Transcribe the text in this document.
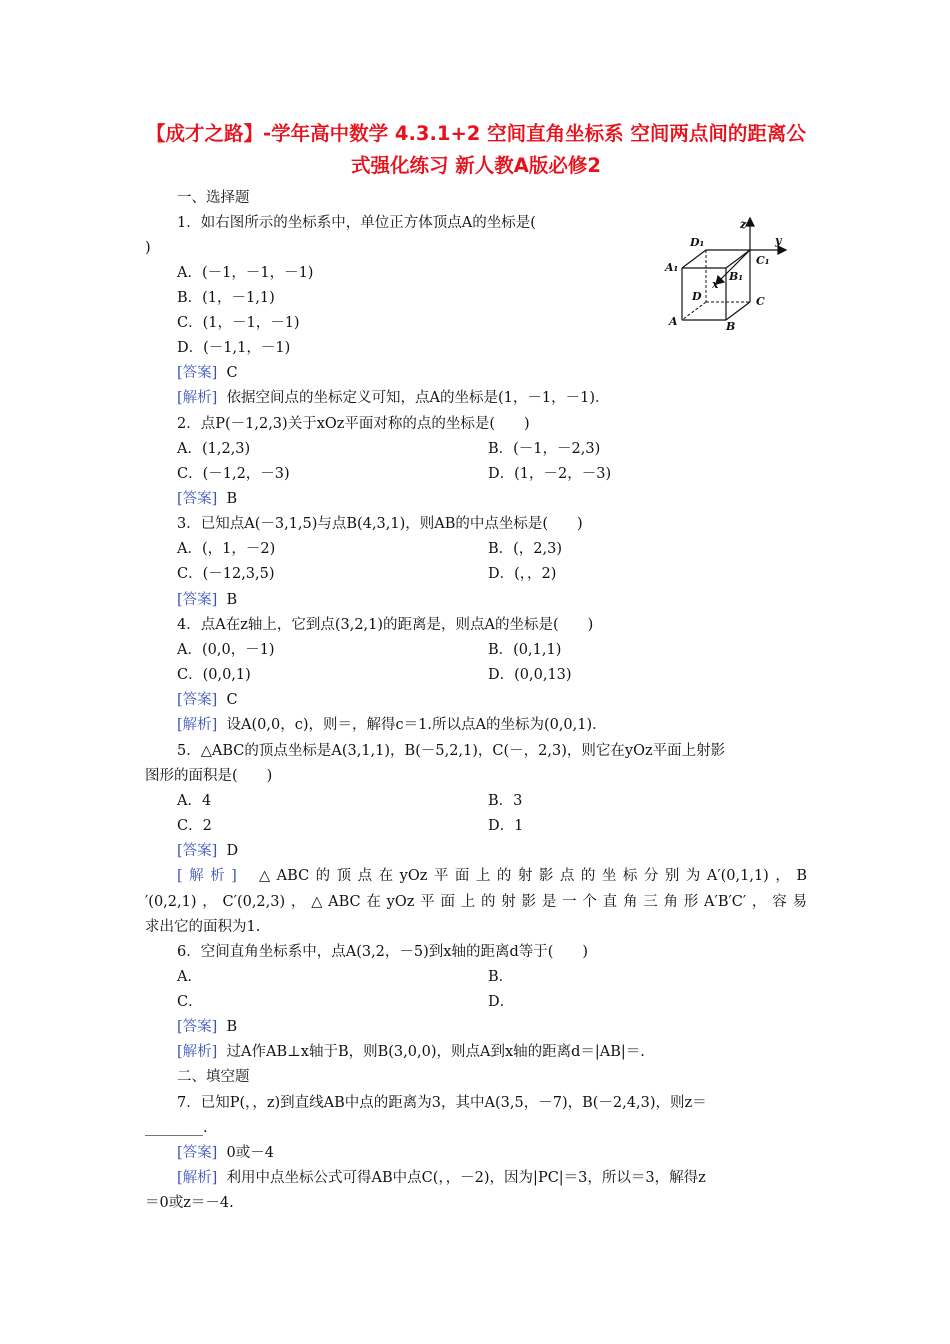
【成才之路】-学年高中数学 4.3.1+2 空间直角坐标系 空间两点间的距离公式强化练习 新人教A版必修2
一、选择题
1．如右图所示的坐标系中，单位正方体顶点A的坐标是(
)
A．(－1，－1，－1)
B．(1，－1,1)
C．(1，－1，－1)
D．(－1,1，－1)
[答案] C
[解析] 依据空间点的坐标定义可知，点A的坐标是(1，－1，－1)．
z
y
x
D₁
C₁
A₁
B₁
D	C
A	B
2．点P(－1,2,3)关于xOz平面对称的点的坐标是(　　)
A．(1,2,3)	B．(－1，－2,3)
C．(－1,2，－3)	D．(1，－2，－3)
[答案] B
3．已知点A(－3,1,5)与点B(4,3,1)，则AB的中点坐标是(　　)
A．(，1，－2)	B．(，2,3)
C．(－12,3,5)	D．(，，2)
[答案] B
4．点A在z轴上，它到点(3,2,1)的距离是，则点A的坐标是(　　)
A．(0,0，－1)	B．(0,1,1)
C．(0,0,1)	D．(0,0,13)
[答案] C
[解析] 设A(0,0，c)，则＝，解得c＝1.所以点A的坐标为(0,0,1)．
5．△ABC的顶点坐标是A(3,1,1)，B(－5,2,1)，C(－，2,3)，则它在yOz平面上射影
图形的面积是(　　)
A．4	B．3
C．2	D．1
[答案] D
[解析] △ABC的顶点在yOz平面上的射影点的坐标分别为A′(0,1,1)，B
′(0,2,1)，C′(0,2,3)，△ABC在yOz平面上的射影是一个直角三角形A′B′C′，容易
求出它的面积为1.
6．空间直角坐标系中，点A(3,2，－5)到x轴的距离d等于(　　)
A．	B．
C．	D．
[答案] B
[解析] 过A作AB⊥x轴于B，则B(3,0,0)，则点A到x轴的距离d＝|AB|＝.
二、填空题
7．已知P(，，z)到直线AB中点的距离为3，其中A(3,5，－7)，B(－2,4,3)，则z＝
________.
[答案] 0或－4
[解析] 利用中点坐标公式可得AB中点C(，，－2)，因为|PC|＝3，所以＝3，解得z
＝0或z＝－4.
